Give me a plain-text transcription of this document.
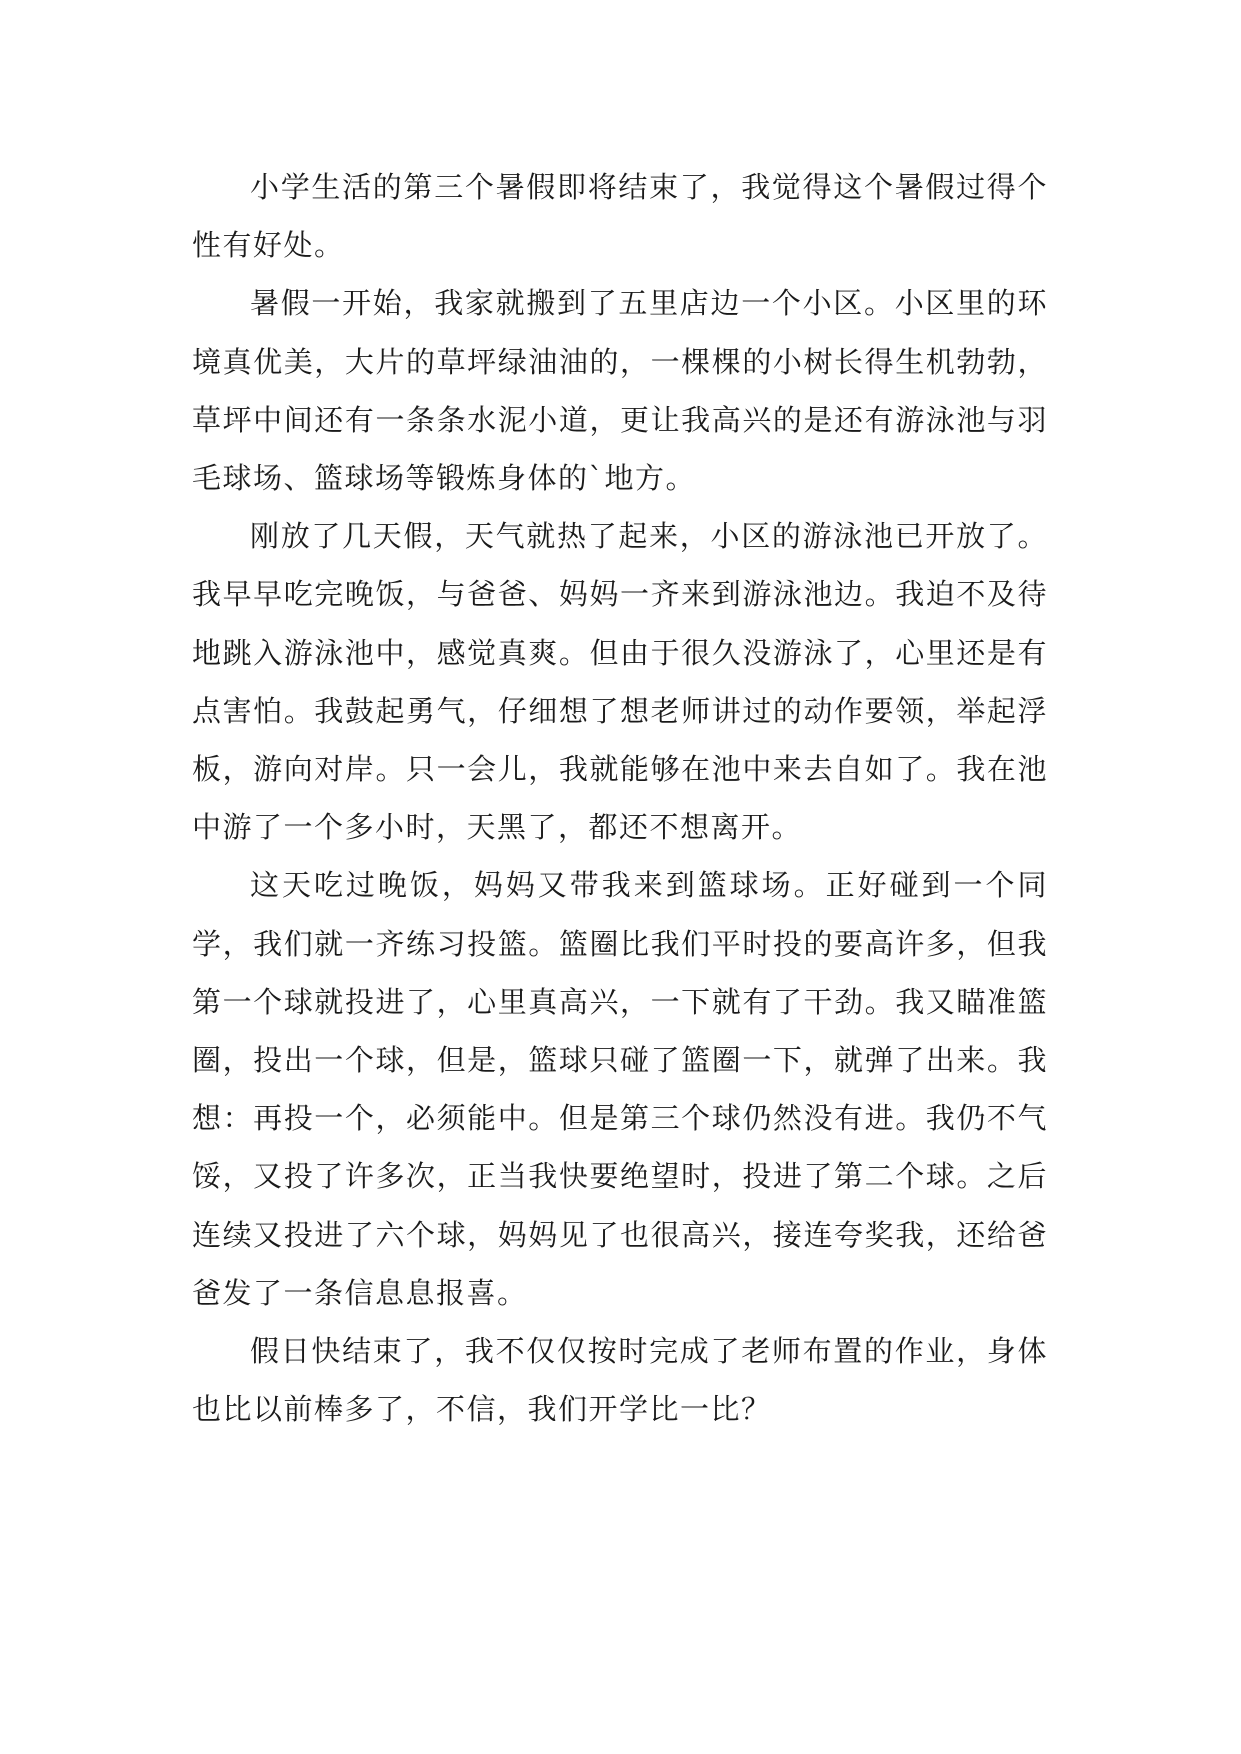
小学生活的第三个暑假即将结束了，我觉得这个暑假过得个性有好处。

暑假一开始，我家就搬到了五里店边一个小区。小区里的环境真优美，大片的草坪绿油油的，一棵棵的小树长得生机勃勃，草坪中间还有一条条水泥小道，更让我高兴的是还有游泳池与羽毛球场、篮球场等锻炼身体的`地方。

刚放了几天假，天气就热了起来，小区的游泳池已开放了。我早早吃完晚饭，与爸爸、妈妈一齐来到游泳池边。我迫不及待地跳入游泳池中，感觉真爽。但由于很久没游泳了，心里还是有点害怕。我鼓起勇气，仔细想了想老师讲过的动作要领，举起浮板，游向对岸。只一会儿，我就能够在池中来去自如了。我在池中游了一个多小时，天黑了，都还不想离开。

这天吃过晚饭，妈妈又带我来到篮球场。正好碰到一个同学，我们就一齐练习投篮。篮圈比我们平时投的要高许多，但我第一个球就投进了，心里真高兴，一下就有了干劲。我又瞄准篮圈，投出一个球，但是，篮球只碰了篮圈一下，就弹了出来。我想：再投一个，必须能中。但是第三个球仍然没有进。我仍不气馁，又投了许多次，正当我快要绝望时，投进了第二个球。之后连续又投进了六个球，妈妈见了也很高兴，接连夸奖我，还给爸爸发了一条信息息报喜。

假日快结束了，我不仅仅按时完成了老师布置的作业，身体也比以前棒多了，不信，我们开学比一比？
